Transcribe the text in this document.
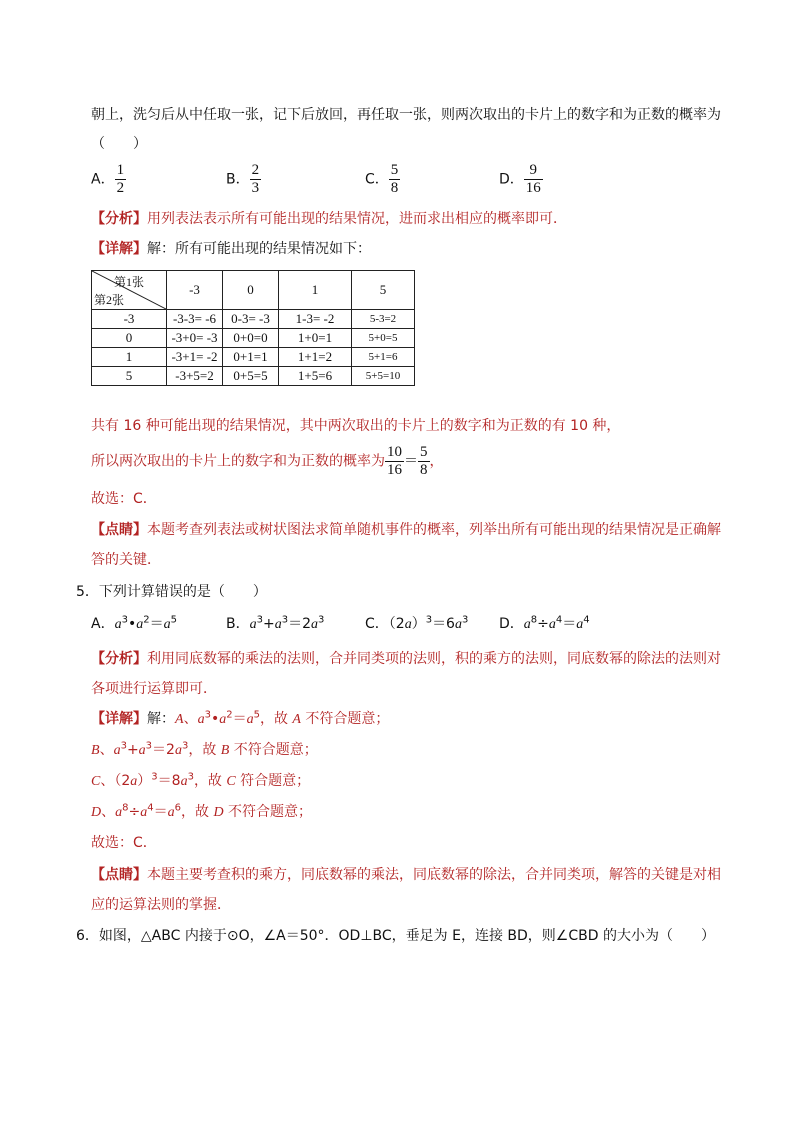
朝上，洗匀后从中任取一张，记下后放回，再任取一张，则两次取出的卡片上的数字和为正数的概率为
（　　）
A． $\frac{1}{2}$	B． $\frac{2}{3}$	C． $\frac{5}{8}$	D． $\frac{9}{16}$
【分析】用列表法表示所有可能出现的结果情况，进而求出相应的概率即可．
【详解】解：所有可能出现的结果情况如下：
第1张
第2张	-3	0	1	5
-3	-3-3= -6	0-3= -3	1-3= -2	5-3=2
0	-3+0= -3	0+0=0	1+0=1	5+0=5
1	-3+1= -2	0+1=1	1+1=2	5+1=6
5	-3+5=2	0+5=5	1+5=6	5+5=10
共有 16 种可能出现的结果情况，其中两次取出的卡片上的数字和为正数的有 10 种，
所以两次取出的卡片上的数字和为正数的概率为 $\frac{10}{16} = \frac{5}{8}$ ，
故选：C．
【点睛】本题考查列表法或树状图法求简单随机事件的概率，列举出所有可能出现的结果情况是正确解
答的关键．
5．下列计算错误的是（　　）
A．$a^3•a^2=a^5$	B．$a^3+a^3=2a^3$	C．$(2a)^3=6a^3$ D．$a^8\div a^4=a^4$
【分析】利用同底数幂的乘法的法则，合并同类项的法则，积的乘方的法则，同底数幂的除法的法则对
各项进行运算即可．
【详解】解：A、$a^3•a^2=a^5$，故 A 不符合题意；
B、$a^3+a^3=2a^3$，故 B 不符合题意；
C、$(2a)^3=8a^3$，故 C 符合题意；
D、$a^8\div a^4=a^6$，故 D 不符合题意；
故选：C．
【点睛】本题主要考查积的乘方，同底数幂的乘法，同底数幂的除法，合并同类项，解答的关键是对相
应的运算法则的掌握．
6．如图，△ABC 内接于⊙O，∠A＝50°．OD⊥BC，垂足为 E，连接 BD，则∠CBD 的大小为（　　）
